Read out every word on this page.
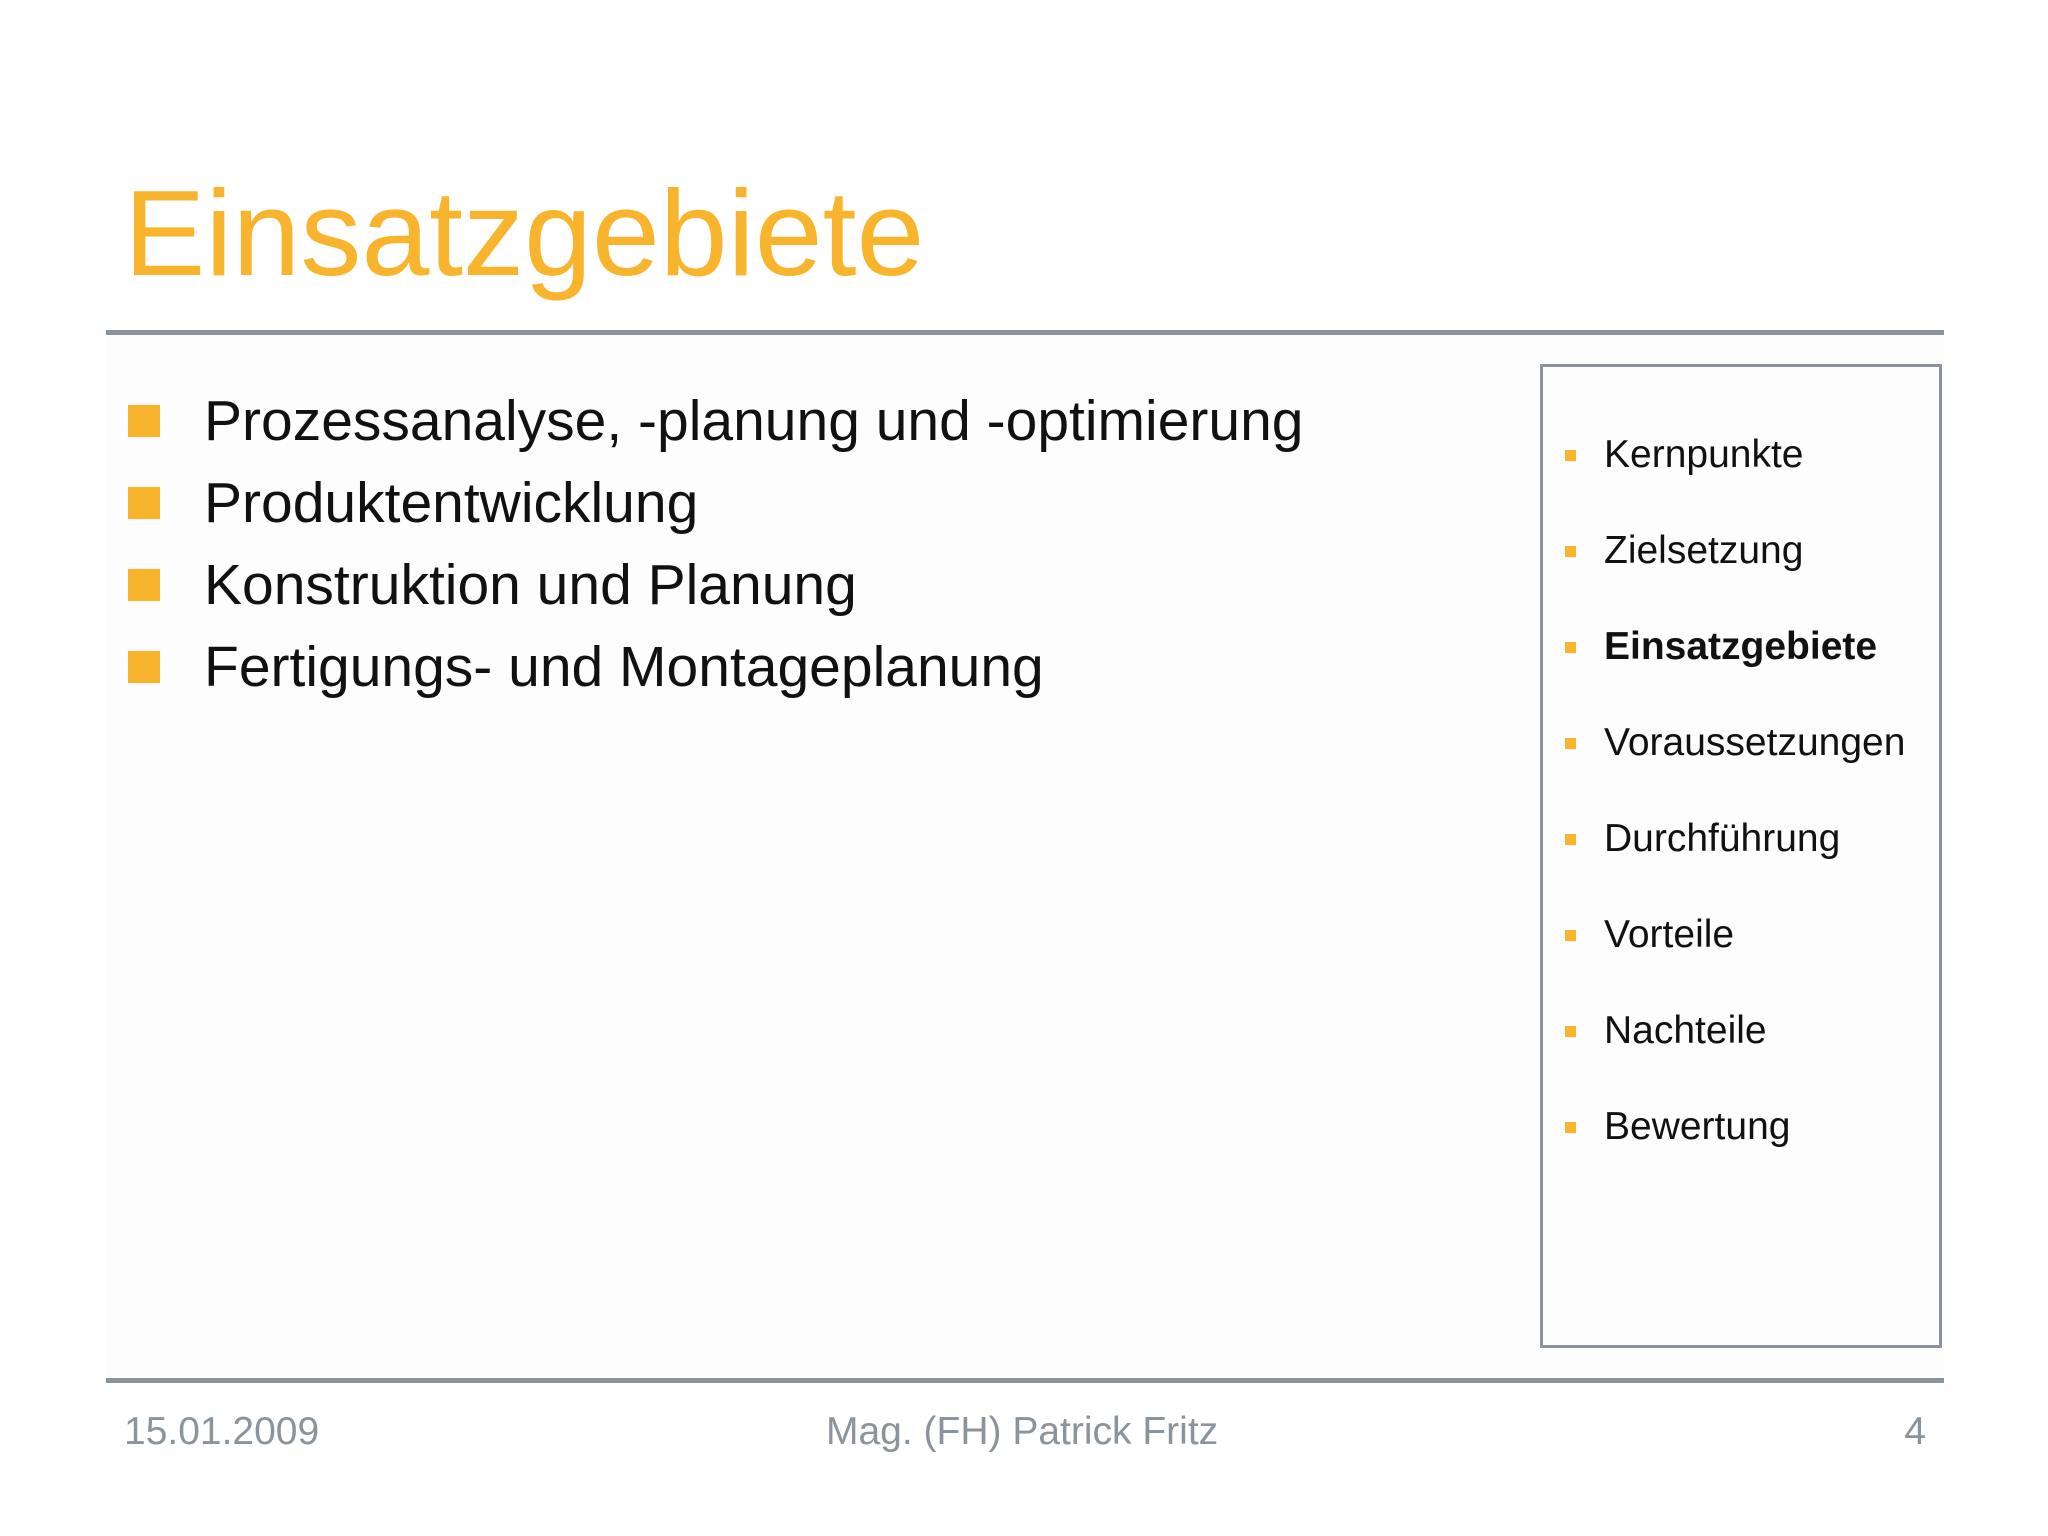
Einsatzgebiete
Prozessanalyse, -planung und -optimierung
Produktentwicklung
Konstruktion und Planung
Fertigungs- und Montageplanung
Kernpunkte
Zielsetzung
Einsatzgebiete
Voraussetzungen
Durchführung
Vorteile
Nachteile
Bewertung
15.01.2009	Mag. (FH) Patrick Fritz	4
